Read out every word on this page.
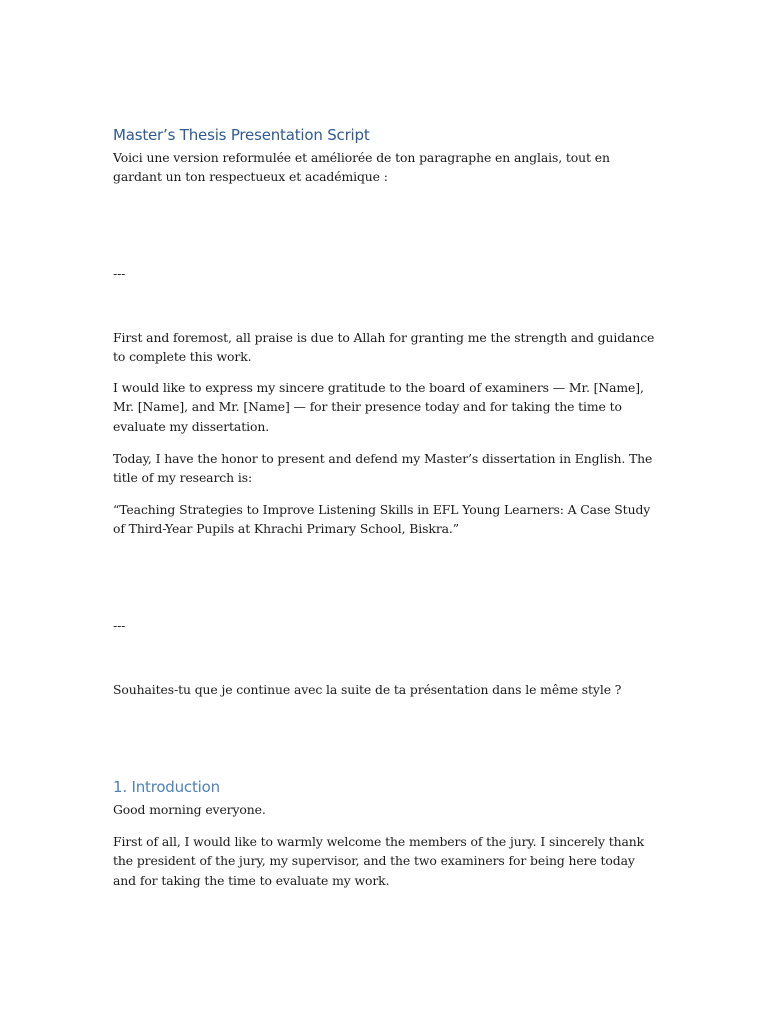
Master’s Thesis Presentation Script

Voici une version reformulée et améliorée de ton paragraphe en anglais, tout en gardant un ton respectueux et académique :

---

First and foremost, all praise is due to Allah for granting me the strength and guidance to complete this work.

I would like to express my sincere gratitude to the board of examiners — Mr. [Name], Mr. [Name], and Mr. [Name] — for their presence today and for taking the time to evaluate my dissertation.

Today, I have the honor to present and defend my Master’s dissertation in English. The title of my research is:

“Teaching Strategies to Improve Listening Skills in EFL Young Learners: A Case Study of Third-Year Pupils at Khrachi Primary School, Biskra.”

---

Souhaites-tu que je continue avec la suite de ta présentation dans le même style ?

1. Introduction

Good morning everyone.

First of all, I would like to warmly welcome the members of the jury. I sincerely thank the president of the jury, my supervisor, and the two examiners for being here today and for taking the time to evaluate my work.
